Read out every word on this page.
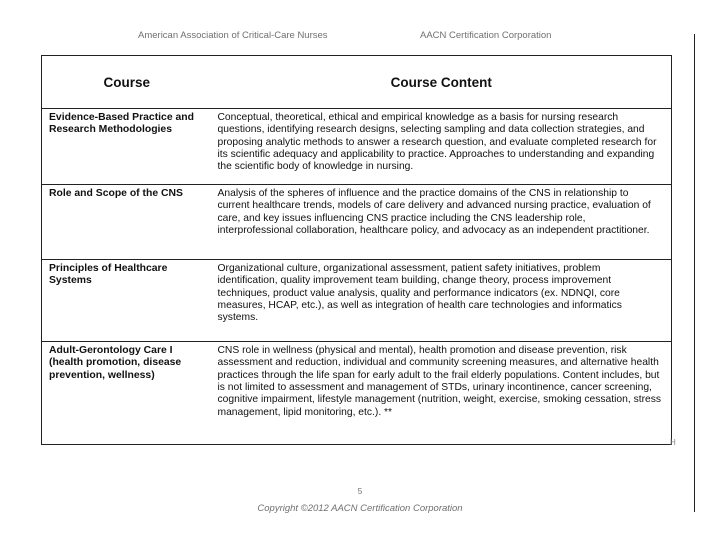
American Association of Critical-Care Nurses	AACN Certification Corporation
Course	Course Content
Evidence-Based Practice and Research Methodologies	Conceptual, theoretical, ethical and empirical knowledge as a basis for nursing research questions, identifying research designs, selecting sampling and data collection strategies, and proposing analytic methods to answer a research question, and evaluate completed research for its scientific adequacy and applicability to practice. Approaches to understanding and expanding the scientific body of knowledge in nursing.
Role and Scope of the CNS	Analysis of the spheres of influence and the practice domains of the CNS in relationship to current healthcare trends, models of care delivery and advanced nursing practice, evaluation of care, and key issues influencing CNS practice including the CNS leadership role, interprofessional collaboration, healthcare policy, and advocacy as an independent practitioner.
Principles of Healthcare Systems	Organizational culture, organizational assessment, patient safety initiatives, problem identification, quality improvement team building, change theory, process improvement techniques, product value analysis, quality and performance indicators (ex. NDNQI, core measures, HCAP, etc.), as well as integration of health care technologies and informatics systems.
Adult-Gerontology Care I (health promotion, disease prevention, wellness)	CNS role in wellness (physical and mental), health promotion and disease prevention, risk assessment and reduction, individual and community screening measures, and alternative health practices through the life span for early adult to the frail elderly populations. Content includes, but is not limited to assessment and management of STDs, urinary incontinence, cancer screening, cognitive impairment, lifestyle management (nutrition, weight, exercise, smoking cessation, stress management, lipid monitoring, etc.). **
H
5
Copyright ©2012 AACN Certification Corporation
